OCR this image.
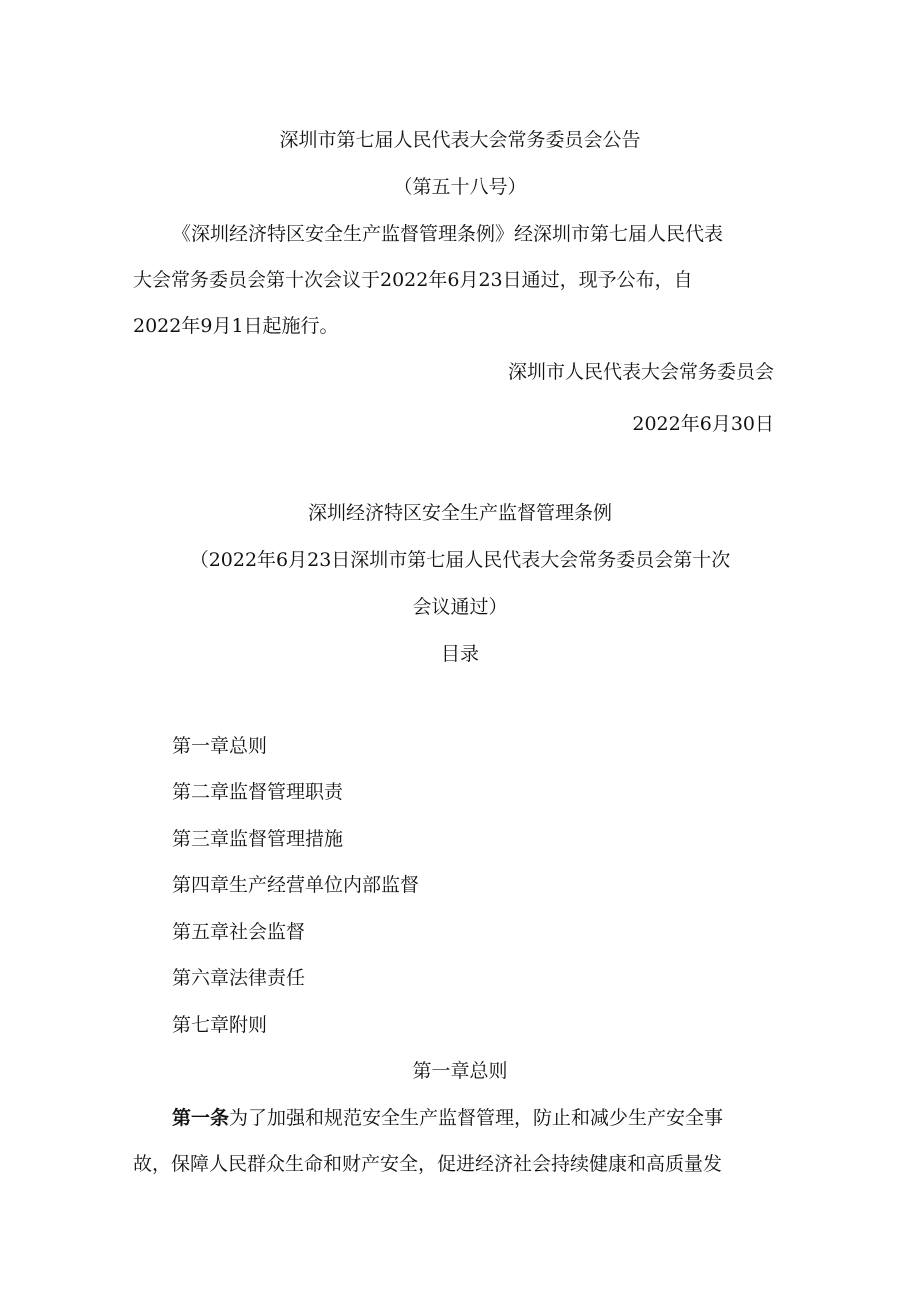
深圳市第七届人民代表大会常务委员会公告
（第五十八号）
《深圳经济特区安全生产监督管理条例》经深圳市第七届人民代表
大会常务委员会第十次会议于2022年6月23日通过，现予公布，自
2022年9月1日起施行。
深圳市人民代表大会常务委员会
2022年6月30日
深圳经济特区安全生产监督管理条例
（2022年6月23日深圳市第七届人民代表大会常务委员会第十次
会议通过）
目录
第一章总则
第二章监督管理职责
第三章监督管理措施
第四章生产经营单位内部监督
第五章社会监督
第六章法律责任
第七章附则
第一章总则
第一条为了加强和规范安全生产监督管理，防止和减少生产安全事
故，保障人民群众生命和财产安全，促进经济社会持续健康和高质量发
